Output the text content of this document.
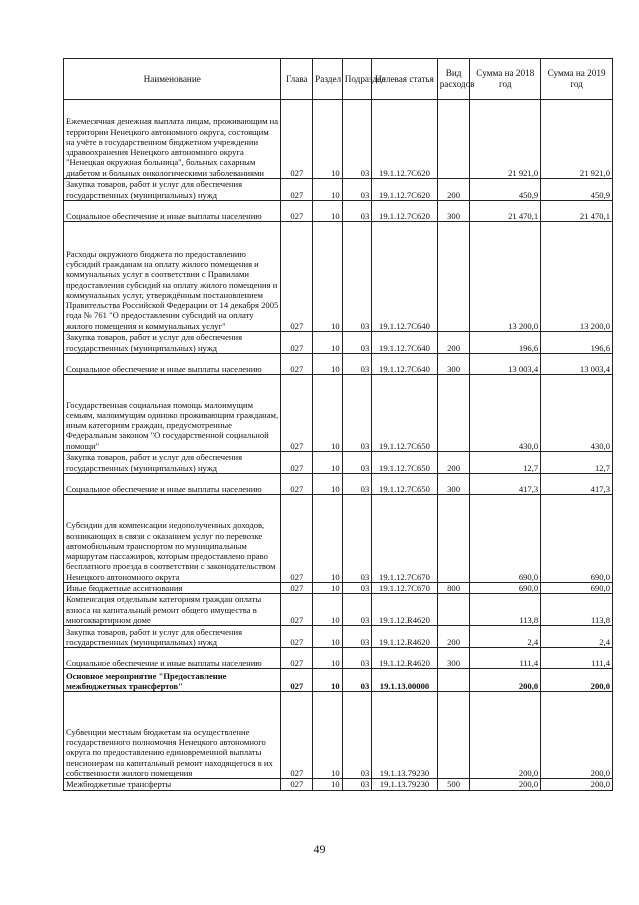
Наименование	Глава	Раздел	Подраздел	Целевая статья	Вид расходов	Сумма на 2018 год	Сумма на 2019 год
Ежемесячная денежная выплата лицам, проживающим на территории Ненецкого автономного округа, состоящим на учёте в государственном бюджетном учреждении здравоохранения Ненецкого автономного округа "Ненецкая окружная больница", больных сахарным диабетом и больных онкологическими заболеваниями	027	10	03	19.1.12.7С620		21 921,0	21 921,0
Закупка товаров, работ и услуг для обеспечения государственных (муниципальных) нужд	027	10	03	19.1.12.7С620	200	450,9	450,9
Социальное обеспечение и иные выплаты населению	027	10	03	19.1.12.7С620	300	21 470,1	21 470,1
Расходы окружного бюджета по предоставлению субсидий гражданам на оплату жилого помещения и коммунальных услуг в соответствии с Правилами предоставления субсидий на оплату жилого помещения и коммунальных услуг, утверждённым постановлением Правительства Российской Федерации от 14 декабря 2005 года № 761 "О предоставлении субсидий на оплату жилого помещения и коммунальных услуг"	027	10	03	19.1.12.7С640		13 200,0	13 200,0
Закупка товаров, работ и услуг для обеспечения государственных (муниципальных) нужд	027	10	03	19.1.12.7С640	200	196,6	196,6
Социальное обеспечение и иные выплаты населению	027	10	03	19.1.12.7С640	300	13 003,4	13 003,4
Государственная социальная помощь малоимущим семьям, малоимущим одиноко проживающим гражданам, иным категориям граждан, предусмотренные Федеральным законом "О государственной социальной помощи"	027	10	03	19.1.12.7С650		430,0	430,0
Закупка товаров, работ и услуг для обеспечения государственных (муниципальных) нужд	027	10	03	19.1.12.7С650	200	12,7	12,7
Социальное обеспечение и иные выплаты населению	027	10	03	19.1.12.7С650	300	417,3	417,3
Субсидии для компенсации недополученных доходов, возникающих в связи с оказанием услуг по перевозке автомобильным транспортом по муниципальным маршрутам пассажиров, которым предоставлено право бесплатного проезда в соответствии с законодательством Ненецкого автономного округа	027	10	03	19.1.12.7С670		690,0	690,0
Иные бюджетные ассигнования	027	10	03	19.1.12.7С670	800	690,0	690,0
Компенсация отдельным категориям граждан оплаты взноса на капитальный ремонт общего имущества в многоквартирном доме	027	10	03	19.1.12.R4620		113,8	113,8
Закупка товаров, работ и услуг для обеспечения государственных (муниципальных) нужд	027	10	03	19.1.12.R4620	200	2,4	2,4
Социальное обеспечение и иные выплаты населению	027	10	03	19.1.12.R4620	300	111,4	111,4
Основное мероприятие "Предоставление межбюджетных трансфертов"	027	10	03	19.1.13.00000		200,0	200,0
Субвенции местным бюджетам на осуществление государственного полномочия Ненецкого автономного округа по предоставлению единовременной выплаты пенсионерам на капитальный ремонт находящегося в их собственности жилого помещения	027	10	03	19.1.13.79230		200,0	200,0
Межбюджетные трансферты	027	10	03	19.1.13.79230	500	200,0	200,0
49
